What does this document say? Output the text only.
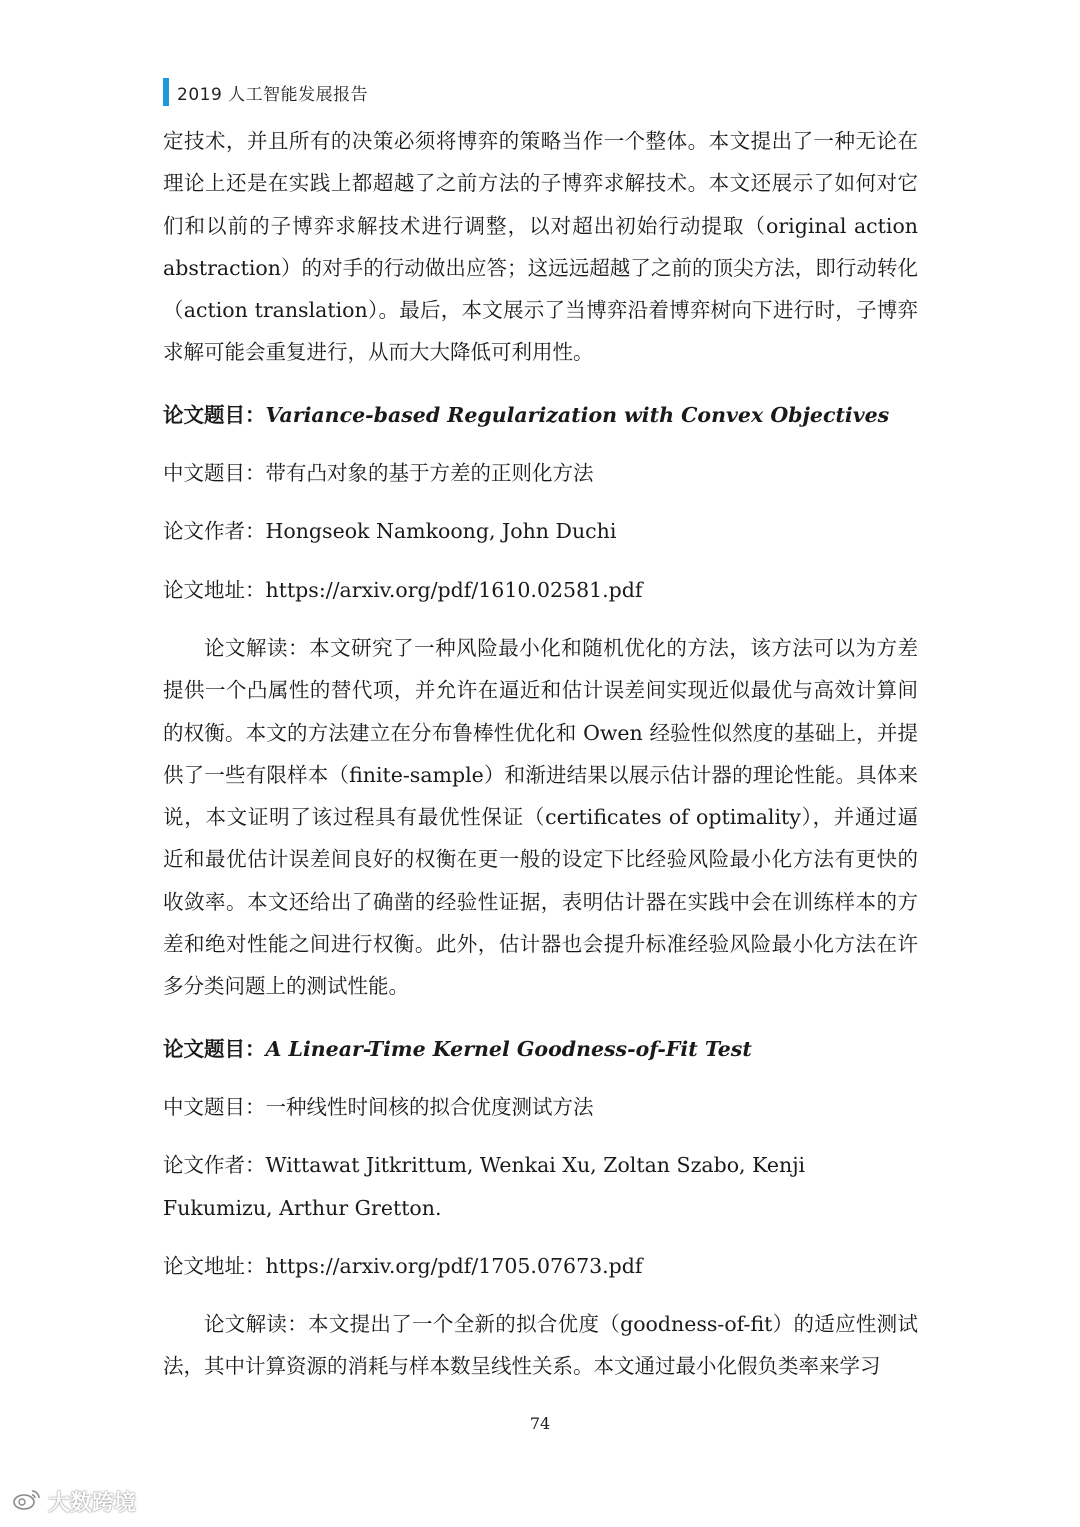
2019 人工智能发展报告

定技术，并且所有的决策必须将博弈的策略当作一个整体。本文提出了一种无论在理论上还是在实践上都超越了之前方法的子博弈求解技术。本文还展示了如何对它们和以前的子博弈求解技术进行调整，以对超出初始行动提取（original action abstraction）的对手的行动做出应答；这远远超越了之前的顶尖方法，即行动转化（action translation）。最后，本文展示了当博弈沿着博弈树向下进行时，子博弈求解可能会重复进行，从而大大降低可利用性。

论文题目：Variance-based Regularization with Convex Objectives

中文题目：带有凸对象的基于方差的正则化方法

论文作者：Hongseok Namkoong, John Duchi

论文地址：https://arxiv.org/pdf/1610.02581.pdf

论文解读：本文研究了一种风险最小化和随机优化的方法，该方法可以为方差提供一个凸属性的替代项，并允许在逼近和估计误差间实现近似最优与高效计算间的权衡。本文的方法建立在分布鲁棒性优化和 Owen 经验性似然度的基础上，并提供了一些有限样本（finite-sample）和渐进结果以展示估计器的理论性能。具体来说，本文证明了该过程具有最优性保证（certificates of optimality），并通过逼近和最优估计误差间良好的权衡在更一般的设定下比经验风险最小化方法有更快的收敛率。本文还给出了确凿的经验性证据，表明估计器在实践中会在训练样本的方差和绝对性能之间进行权衡。此外，估计器也会提升标准经验风险最小化方法在许多分类问题上的测试性能。

论文题目：A Linear-Time Kernel Goodness-of-Fit Test

中文题目：一种线性时间核的拟合优度测试方法

论文作者：Wittawat Jitkrittum, Wenkai Xu, Zoltan Szabo, Kenji Fukumizu, Arthur Gretton.

论文地址：https://arxiv.org/pdf/1705.07673.pdf

论文解读：本文提出了一个全新的拟合优度（goodness-of-fit）的适应性测试法，其中计算资源的消耗与样本数呈线性关系。本文通过最小化假负类率来学习

74
大数跨境
